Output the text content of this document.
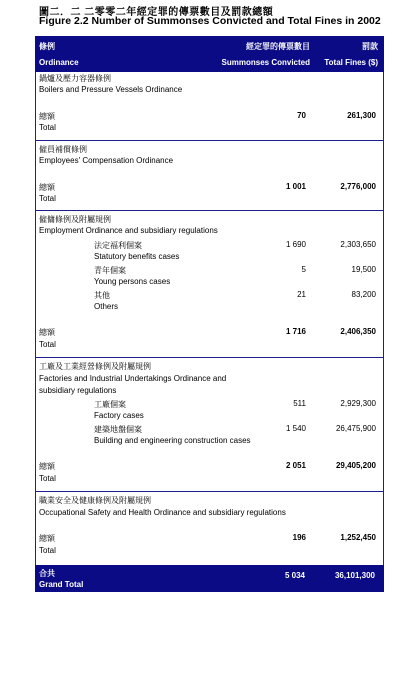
圖二．二 二零零二年經定罪的傳票數目及罰款總額
Figure 2.2 Number of Summonses Convicted and Total Fines in 2002
條例
Ordinance
經定罪的傳票數目
Summonses Convicted
罰款
Total Fines ($)
鍋爐及壓力容器條例
Boilers and Pressure Vessels Ordinance
總額
Total
70	261,300
僱員補償條例
Employees' Compensation Ordinance
總額
Total
1 001	2,776,000
僱傭條例及附屬規例
Employment Ordinance and subsidiary regulations
法定福利個案
Statutory benefits cases
1 690	2,303,650
青年個案
Young persons cases
5	19,500
其他
Others
21	83,200
總額
Total
1 716	2,406,350
工廠及工業經營條例及附屬規例
Factories and Industrial Undertakings Ordinance and
subsidiary regulations
工廠個案
Factory cases
511	2,929,300
建築地盤個案
Building and engineering construction cases
1 540	26,475,900
總額
Total
2 051	29,405,200
職業安全及健康條例及附屬規例
Occupational Safety and Health Ordinance and subsidiary regulations
總額
Total
196	1,252,450
合共
Grand Total
5 034	36,101,300
